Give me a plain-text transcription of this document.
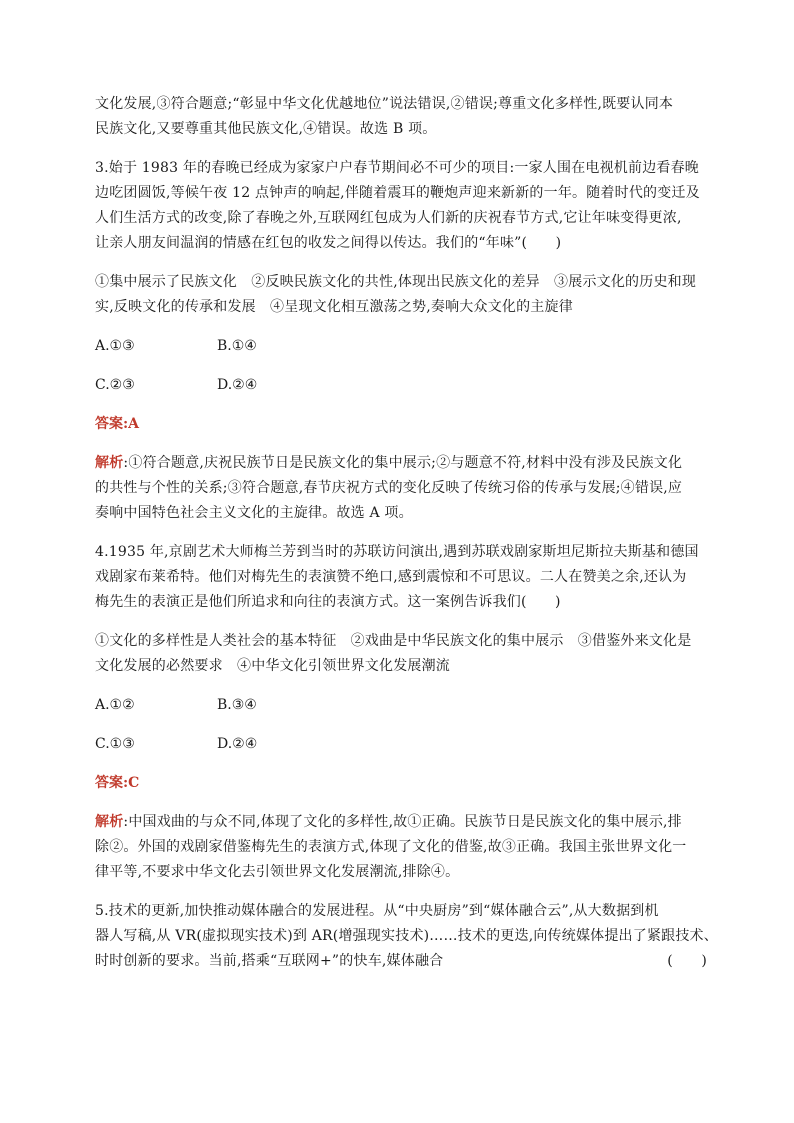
文化发展,③符合题意;“彰显中华文化优越地位”说法错误,②错误;尊重文化多样性,既要认同本
民族文化,又要尊重其他民族文化,④错误。故选 B 项。

3.始于 1983 年的春晚已经成为家家户户春节期间必不可少的项目:一家人围在电视机前边看春晚
边吃团圆饭,等候午夜 12 点钟声的响起,伴随着震耳的鞭炮声迎来新新的一年。随着时代的变迁及
人们生活方式的改变,除了春晚之外,互联网红包成为人们新的庆祝春节方式,它让年味变得更浓,
让亲人朋友间温润的情感在红包的收发之间得以传达。我们的“年味”(　　)

①集中展示了民族文化　②反映民族文化的共性,体现出民族文化的差异　③展示文化的历史和现
实,反映文化的传承和发展　④呈现文化相互激荡之势,奏响大众文化的主旋律

A.①③	B.①④
C.②③	D.②④

答案:A

解析:①符合题意,庆祝民族节日是民族文化的集中展示;②与题意不符,材料中没有涉及民族文化
的共性与个性的关系;③符合题意,春节庆祝方式的变化反映了传统习俗的传承与发展;④错误,应
奏响中国特色社会主义文化的主旋律。故选 A 项。

4.1935 年,京剧艺术大师梅兰芳到当时的苏联访问演出,遇到苏联戏剧家斯坦尼斯拉夫斯基和德国
戏剧家布莱希特。他们对梅先生的表演赞不绝口,感到震惊和不可思议。二人在赞美之余,还认为
梅先生的表演正是他们所追求和向往的表演方式。这一案例告诉我们(　　)

①文化的多样性是人类社会的基本特征　②戏曲是中华民族文化的集中展示　③借鉴外来文化是
文化发展的必然要求　④中华文化引领世界文化发展潮流

A.①②	B.③④
C.①③	D.②④

答案:C

解析:中国戏曲的与众不同,体现了文化的多样性,故①正确。民族节日是民族文化的集中展示,排
除②。外国的戏剧家借鉴梅先生的表演方式,体现了文化的借鉴,故③正确。我国主张世界文化一
律平等,不要求中华文化去引领世界文化发展潮流,排除④。

5.技术的更新,加快推动媒体融合的发展进程。从“中央厨房”到“媒体融合云”,从大数据到机
器人写稿,从 VR(虚拟现实技术)到 AR(增强现实技术)……技术的更迭,向传统媒体提出了紧跟技术、
时时创新的要求。当前,搭乘“互联网+”的快车,媒体融合	(　　)
